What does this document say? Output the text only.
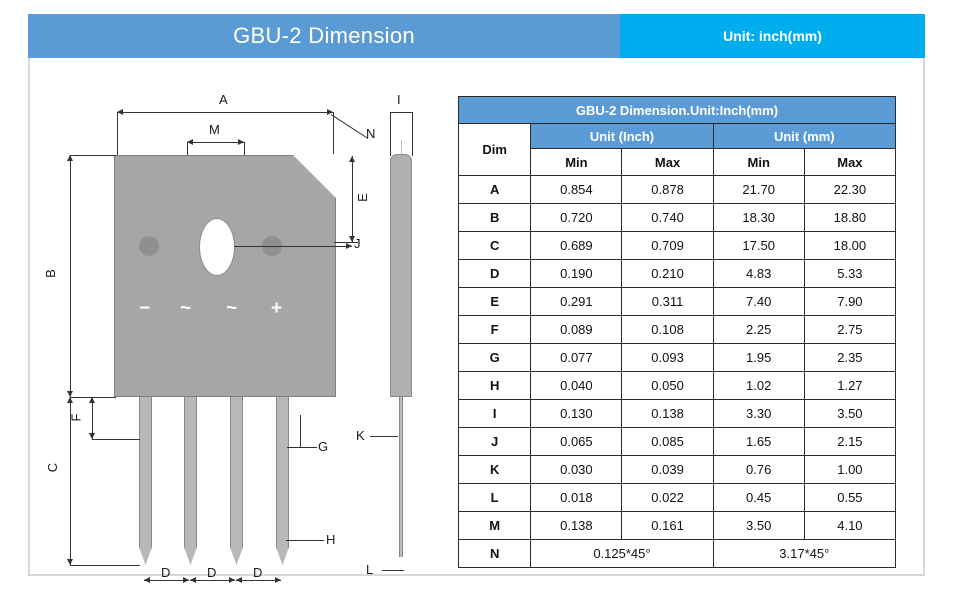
GBU-2 Dimension	Unit: inch(mm)
A
M	N
− ~ ~ +
B
C
F
E
J
G
H
D	D	D
I
K
L
GBU-2 Dimension.Unit:Inch(mm)				
Dim	Unit (Inch)		Unit (mm)	
	Min	Max	Min	Max
A	0.854	0.878	21.70	22.30
B	0.720	0.740	18.30	18.80
C	0.689	0.709	17.50	18.00
D	0.190	0.210	4.83	5.33
E	0.291	0.311	7.40	7.90
F	0.089	0.108	2.25	2.75
G	0.077	0.093	1.95	2.35
H	0.040	0.050	1.02	1.27
I	0.130	0.138	3.30	3.50
J	0.065	0.085	1.65	2.15
K	0.030	0.039	0.76	1.00
L	0.018	0.022	0.45	0.55
M	0.138	0.161	3.50	4.10
N	0.125*45°		3.17*45°	
